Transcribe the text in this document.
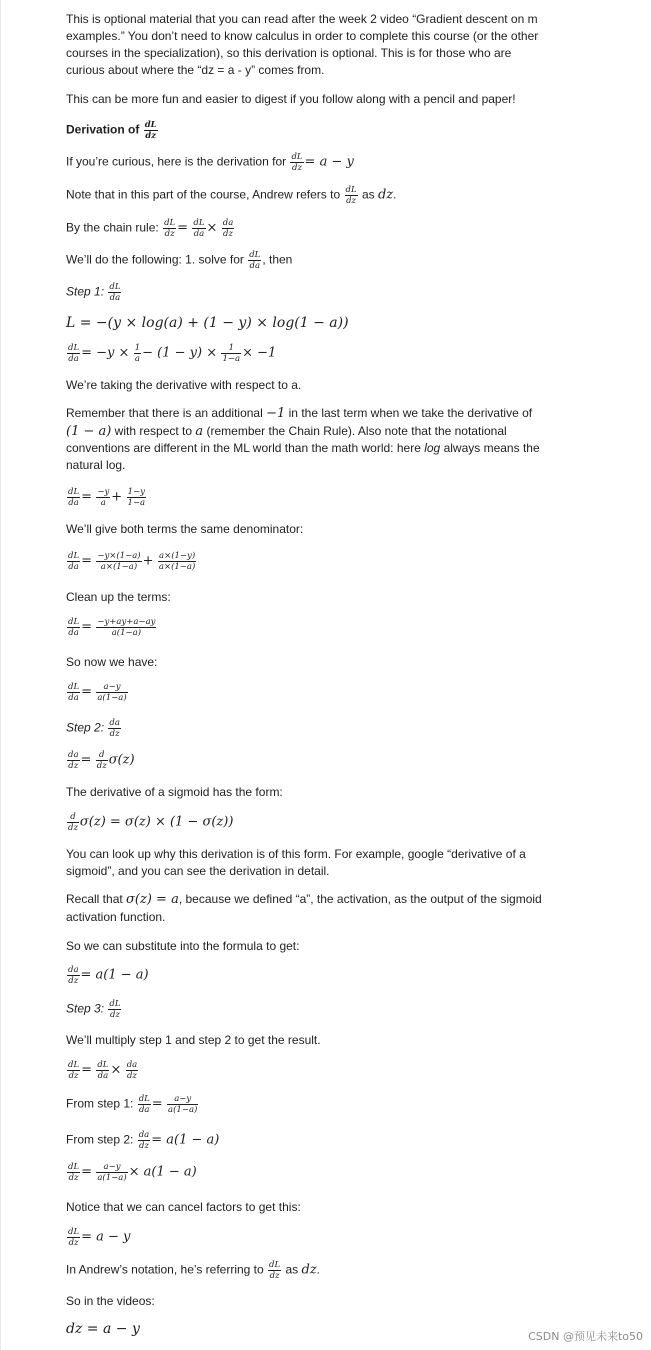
This is optional material that you can read after the week 2 video “Gradient descent on m

examples.” You don’t need to know calculus in order to complete this course (or the other

courses in the specialization), so this derivation is optional. This is for those who are

curious about where the “dz = a - y” comes from.

This can be more fun and easier to digest if you follow along with a pencil and paper!

Derivation of $\frac{dL}{dz}$

If you’re curious, here is the derivation for $\frac{dL}{dz} = a - y$

Note that in this part of the course, Andrew refers to $\frac{dL}{dz}$ as dz.

By the chain rule: $\frac{dL}{dz} = \frac{dL}{da} \times \frac{da}{dz}$

We’ll do the following: 1. solve for $\frac{dL}{da}$ , then

Step 1: $\frac{dL}{da}$

L = −(y × log(a) + (1 − y) × log(1 − a))

$\frac{dL}{da} = -y \times \frac{1}{a} - (1 - y) \times \frac{1}{1-a} \times -1$

We’re taking the derivative with respect to a.

Remember that there is an additional −1 in the last term when we take the derivative of

(1 − a) with respect to a (remember the Chain Rule). Also note that the notational

conventions are different in the ML world than the math world: here log always means the

natural log.

$\frac{dL}{da} = \frac{-y}{a} + \frac{1-y}{1-a}$

We’ll give both terms the same denominator:

$\frac{dL}{da} = \frac{-y\times(1-a)}{a\times(1-a)} + \frac{a\times(1-y)}{a\times(1-a)}$

Clean up the terms:

$\frac{dL}{da} = \frac{-y+ay+a-ay}{a(1-a)}$

So now we have:

$\frac{dL}{da} = \frac{a-y}{a(1-a)}$

Step 2: $\frac{da}{dz}$

$\frac{da}{dz} = \frac{d}{dz} \sigma(z)$

The derivative of a sigmoid has the form:

$\frac{d}{dz} \sigma(z) = \sigma(z) \times (1 - \sigma(z))$

You can look up why this derivation is of this form. For example, google “derivative of a

sigmoid”, and you can see the derivation in detail.

Recall that σ(z) = a, because we defined “a”, the activation, as the output of the sigmoid

activation function.

So we can substitute into the formula to get:

$\frac{da}{dz} = a(1 - a)$

Step 3: $\frac{dL}{dz}$

We’ll multiply step 1 and step 2 to get the result.

$\frac{dL}{dz} = \frac{dL}{da} \times \frac{da}{dz}$

From step 1: $\frac{dL}{da} = \frac{a-y}{a(1-a)}$

From step 2: $\frac{da}{dz} = a(1 - a)$

$\frac{dL}{dz} = \frac{a-y}{a(1-a)} \times a(1 - a)$

Notice that we can cancel factors to get this:

$\frac{dL}{dz} = a - y$

In Andrew’s notation, he’s referring to $\frac{dL}{dz}$ as dz.

So in the videos:

dz = a − y	CSDN @预见未来to50
